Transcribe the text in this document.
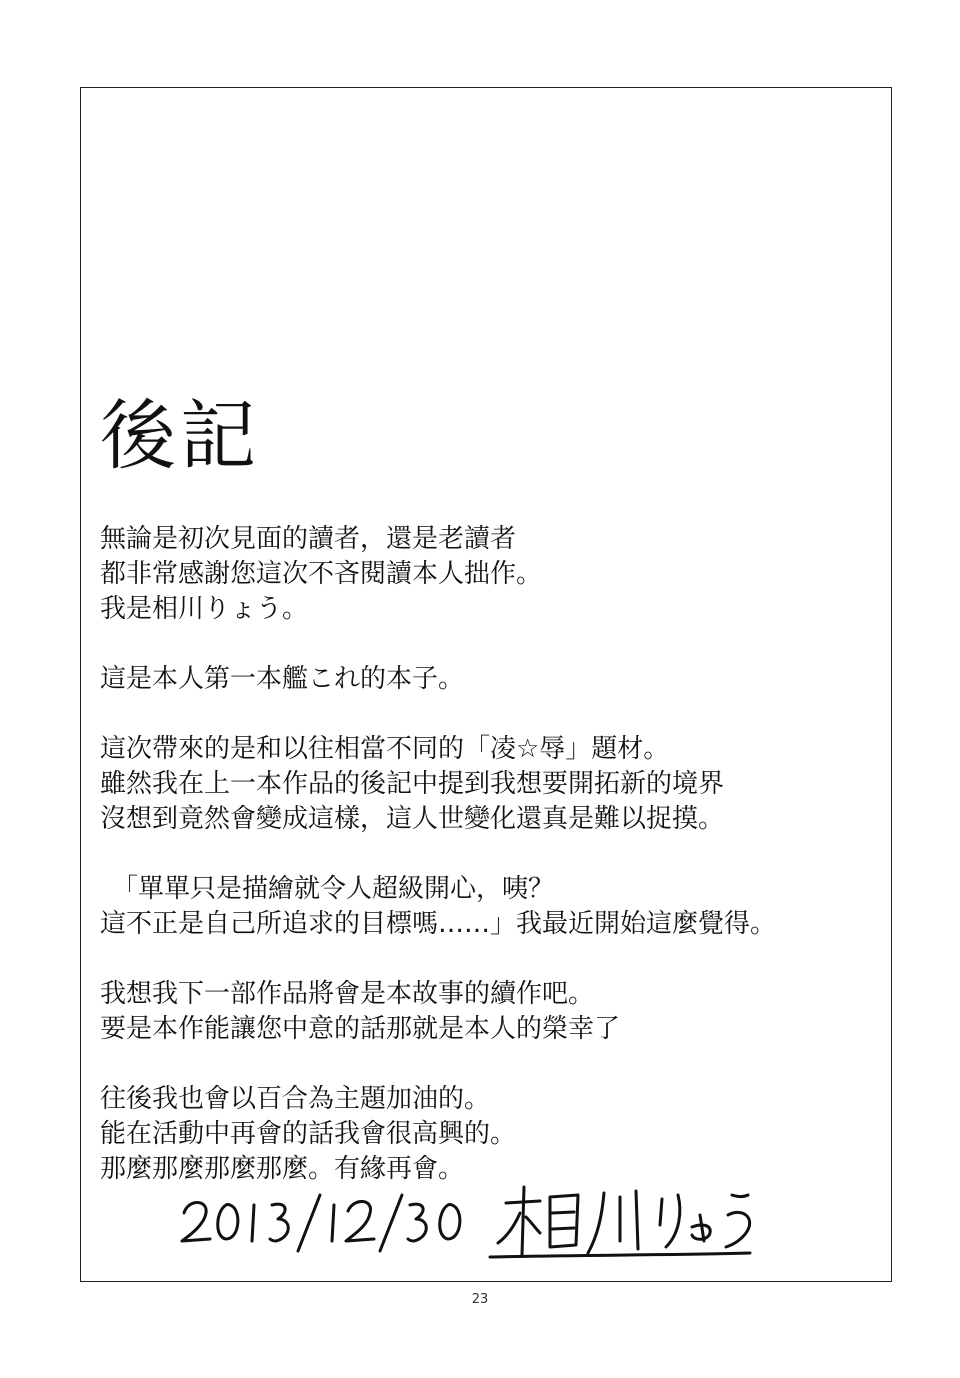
後記
無論是初次見面的讀者，還是老讀者
都非常感謝您這次不吝閱讀本人拙作。
我是相川りょう。
這是本人第一本艦これ的本子。
這次帶來的是和以往相當不同的「凌☆辱」題材。
雖然我在上一本作品的後記中提到我想要開拓新的境界
沒想到竟然會變成這樣，這人世變化還真是難以捉摸。
「單單只是描繪就令人超級開心，咦？
這不正是自己所追求的目標嗎……」我最近開始這麼覺得。
我想我下一部作品將會是本故事的續作吧。
要是本作能讓您中意的話那就是本人的榮幸了
往後我也會以百合為主題加油的。
能在活動中再會的話我會很高興的。
那麼那麼那麼那麼。有緣再會。
23
